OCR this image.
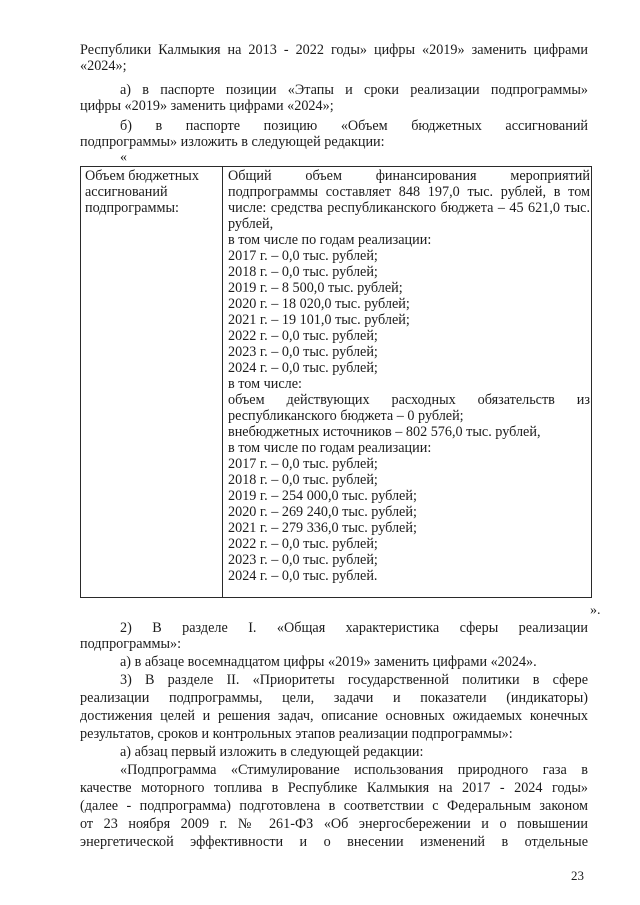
Республики Калмыкия на 2013 - 2022 годы» цифры «2019» заменить цифрами
«2024»;
а) в паспорте позиции «Этапы и сроки реализации подпрограммы»
цифры «2019» заменить цифрами «2024»;
б) в паспорте позицию «Объем бюджетных ассигнований
подпрограммы» изложить в следующей редакции:
«
Объем бюджетных
ассигнований
подпрограммы:
Общий объем финансирования мероприятий
подпрограммы составляет 848 197,0 тыс. рублей, в том
числе: средства республиканского бюджета – 45 621,0 тыс.
рублей,
в том числе по годам реализации:
2017 г. – 0,0 тыс. рублей;
2018 г. – 0,0 тыс. рублей;
2019 г. – 8 500,0 тыс. рублей;
2020 г. – 18 020,0 тыс. рублей;
2021 г. – 19 101,0 тыс. рублей;
2022 г. – 0,0 тыс. рублей;
2023 г. – 0,0 тыс. рублей;
2024 г. – 0,0 тыс. рублей;
в том числе:
объем действующих расходных обязательств из
республиканского бюджета – 0 рублей;
внебюджетных источников – 802 576,0 тыс. рублей,
в том числе по годам реализации:
2017 г. – 0,0 тыс. рублей;
2018 г. – 0,0 тыс. рублей;
2019 г. – 254 000,0 тыс. рублей;
2020 г. – 269 240,0 тыс. рублей;
2021 г. – 279 336,0 тыс. рублей;
2022 г. – 0,0 тыс. рублей;
2023 г. – 0,0 тыс. рублей;
2024 г. – 0,0 тыс. рублей.
».
2) В разделе I. «Общая характеристика сферы реализации
подпрограммы»:
а) в абзаце восемнадцатом цифры «2019» заменить цифрами «2024».
3) В разделе II. «Приоритеты государственной политики в сфере
реализации подпрограммы, цели, задачи и показатели (индикаторы)
достижения целей и решения задач, описание основных ожидаемых конечных
результатов, сроков и контрольных этапов реализации подпрограммы»:
а) абзац первый изложить в следующей редакции:
«Подпрограмма «Стимулирование использования природного газа в
качестве моторного топлива в Республике Калмыкия на 2017 - 2024 годы»
(далее - подпрограмма) подготовлена в соответствии с Федеральным законом
от 23 ноября 2009 г. № 261-ФЗ «Об энергосбережении и о повышении
энергетической эффективности и о внесении изменений в отдельные
23
